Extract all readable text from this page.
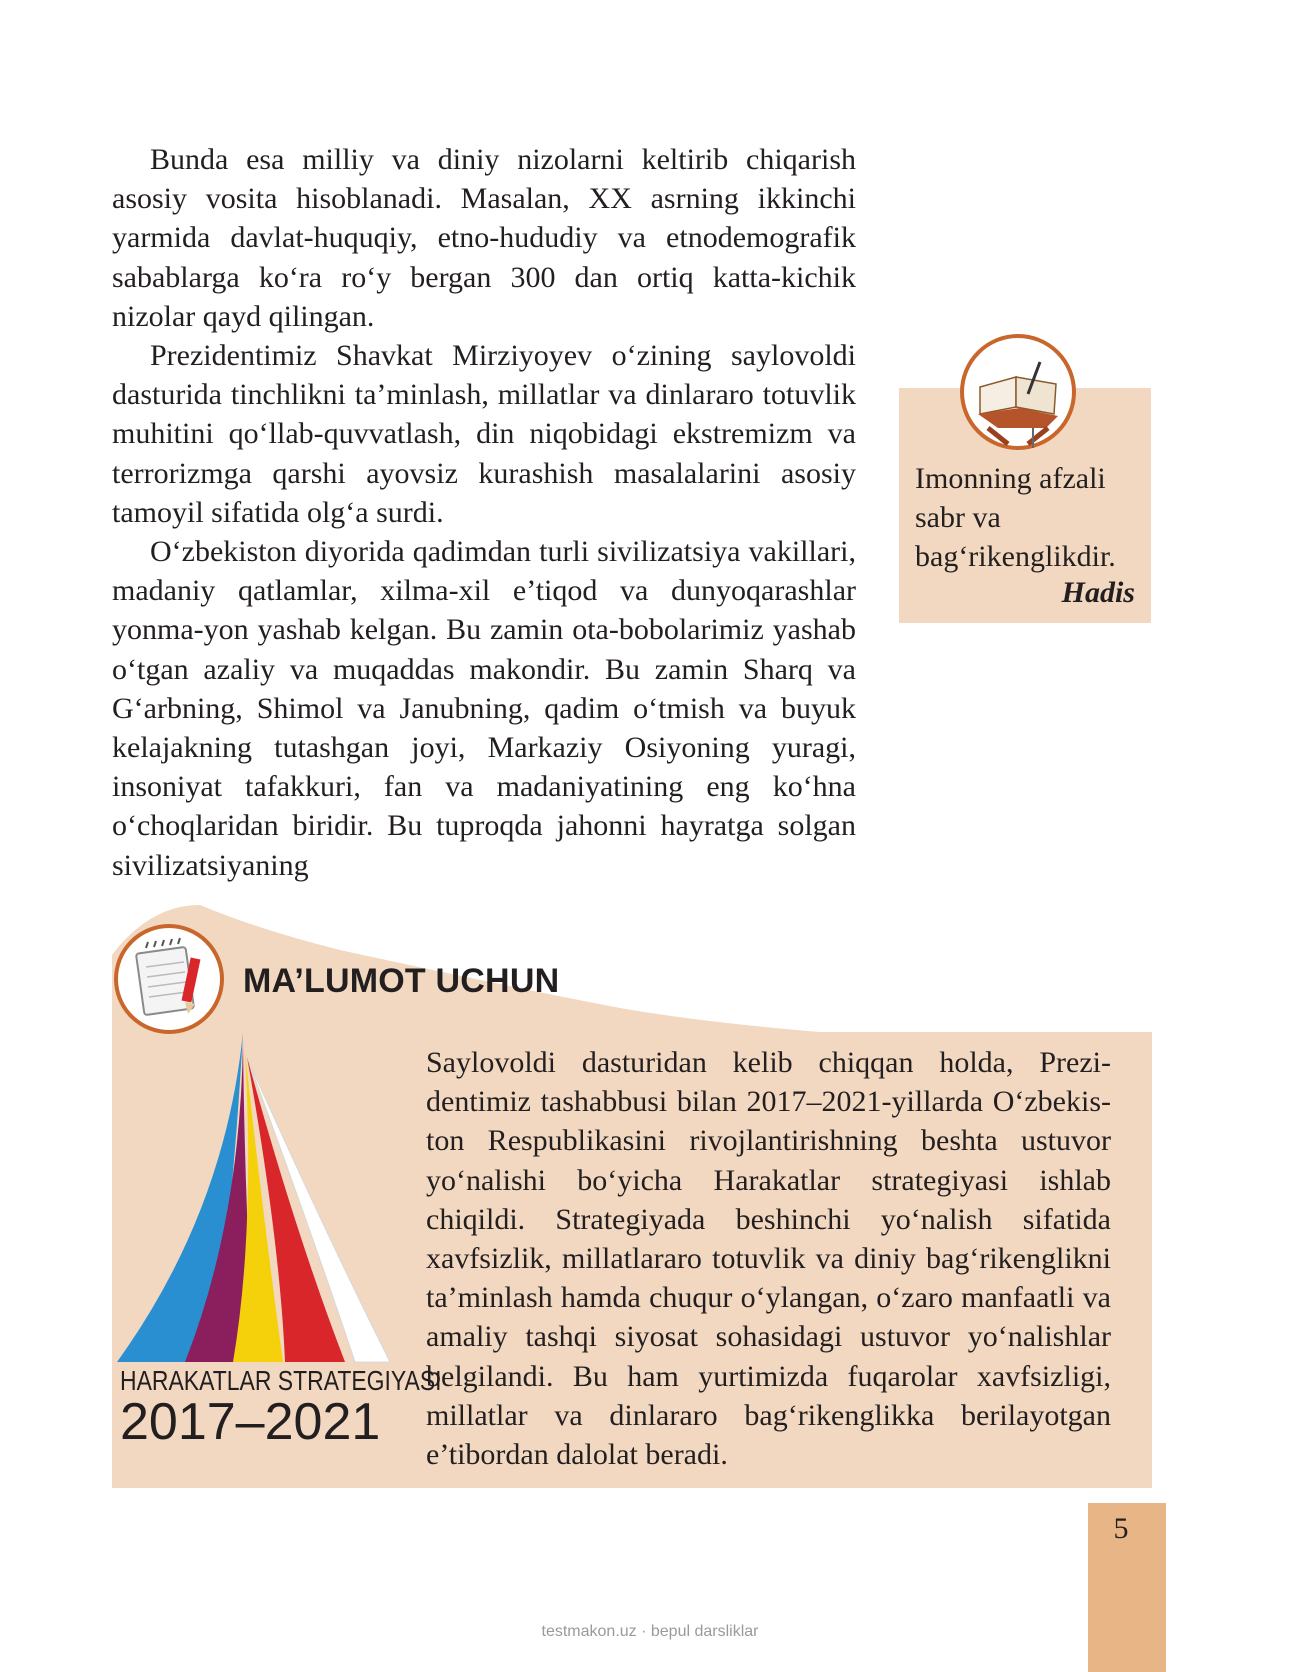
Bunda esa milliy va diniy nizolarni keltirib chiqarish asosiy vosita hisoblanadi. Masalan, XX asrning ikkinchi yarmida davlat-huquqiy, etno-hududiy va etnodemografik sabablarga ko‘ra ro‘y bergan 300 dan ortiq katta-kichik nizolar qayd qilingan.

Prezidentimiz Shavkat Mirziyoyev o‘zining saylovoldi dasturida tinchlikni ta’minlash, millatlar va dinlararo totuvlik muhitini qo‘llab-quvvatlash, din niqobidagi ekstremizm va terrorizmga qarshi ayovsiz kurashish masalalarini asosiy tamoyil sifatida olg‘a surdi.

O‘zbekiston diyorida qadimdan turli sivilizatsiya vakillari, madaniy qatlamlar, xilma-xil e’tiqod va dunyoqarashlar yonma-yon yashab kelgan. Bu zamin ota-bobolarimiz yashab o‘tgan azaliy va muqaddas makondir. Bu zamin Sharq va G‘arbning, Shimol va Janubning, qadim o‘tmish va buyuk kelajakning tutashgan joyi, Markaziy Osiyoning yuragi, insoniyat tafakkuri, fan va madaniyatining eng ko‘hna o‘choqlaridan biridir. Bu tuproqda jahonni hayratga solgan sivilizatsiyaning

Imonning afzali sabr va bag‘rikenglikdir.
Hadis
MA’LUMOT UCHUN
HARAKATLAR STRATEGIYASI
2017–2021

Saylovoldi dasturidan kelib chiqqan holda, Prezidentimiz tashabbusi bilan 2017–2021-yillarda O‘zbekiston Respublikasini rivojlantirishning beshta ustuvor yo‘nalishi bo‘yicha Harakatlar strategiyasi ishlab chiqildi. Strategiyada beshinchi yo‘nalish sifatida xavfsizlik, millatlararo totuvlik va diniy bag‘rikenglikni ta’minlash hamda chuqur o‘ylangan, o‘zaro manfaatli va amaliy tashqi siyosat sohasidagi ustuvor yo‘nalishlar belgilandi. Bu ham yurtimizda fuqarolar xavfsizligi, millatlar va dinlararo bag‘rikenglikka berilayotgan e’tibordan dalolat beradi.

5
testmakon.uz · bepul darsliklar
